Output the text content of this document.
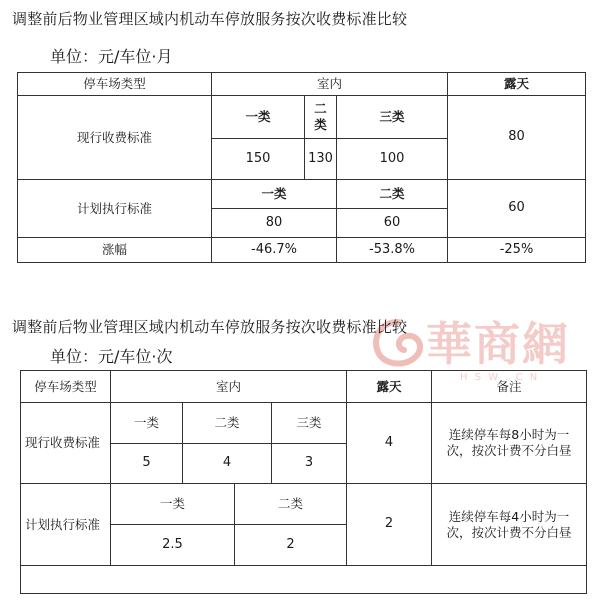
调整前后物业管理区域内机动车停放服务按次收费标准比较
单位：元/车位·月
停车场类型	室内			露天
现行收费标准	一类	二类	三类	80
	150	130	100	
计划执行标准	一类		二类	60
	80		60	
涨幅	-46.7%		-53.8%	-25%
華商網
H S W . C N
调整前后物业管理区域内机动车停放服务按次收费标准比较
单位：元/车位·次
停车场类型	室内				露天	备注
现行收费标准	一类	二类		三类	4	连续停车每8小时为一次，按次计费不分白昼
	5	4		3		
计划执行标准	一类		二类		2	连续停车每4小时为一次，按次计费不分白昼
	2.5		2			
